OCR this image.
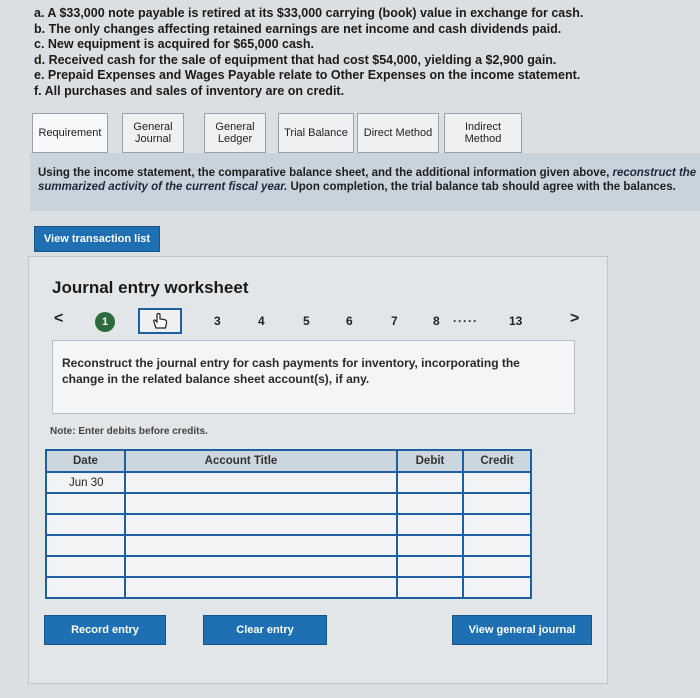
a. A $33,000 note payable is retired at its $33,000 carrying (book) value in exchange for cash.
b. The only changes affecting retained earnings are net income and cash dividends paid.
c. New equipment is acquired for $65,000 cash.
d. Received cash for the sale of equipment that had cost $54,000, yielding a $2,900 gain.
e. Prepaid Expenses and Wages Payable relate to Other Expenses on the income statement.
f. All purchases and sales of inventory are on credit.
Requirement	General Journal
General Ledger	Trial Balance	Direct Method	Indirect Method
Using the income statement, the comparative balance sheet, and the additional information given above, reconstruct the summarized activity of the current fiscal year. Upon completion, the trial balance tab should agree with the balances.
View transaction list
Journal entry worksheet
<	1	3	4	5	6	7	8 ·····	13	>
Reconstruct the journal entry for cash payments for inventory, incorporating the change in the related balance sheet account(s), if any.
Note: Enter debits before credits.
Date	Account Title	Debit	Credit
Jun 30			

Record entry	Clear entry	View general journal
